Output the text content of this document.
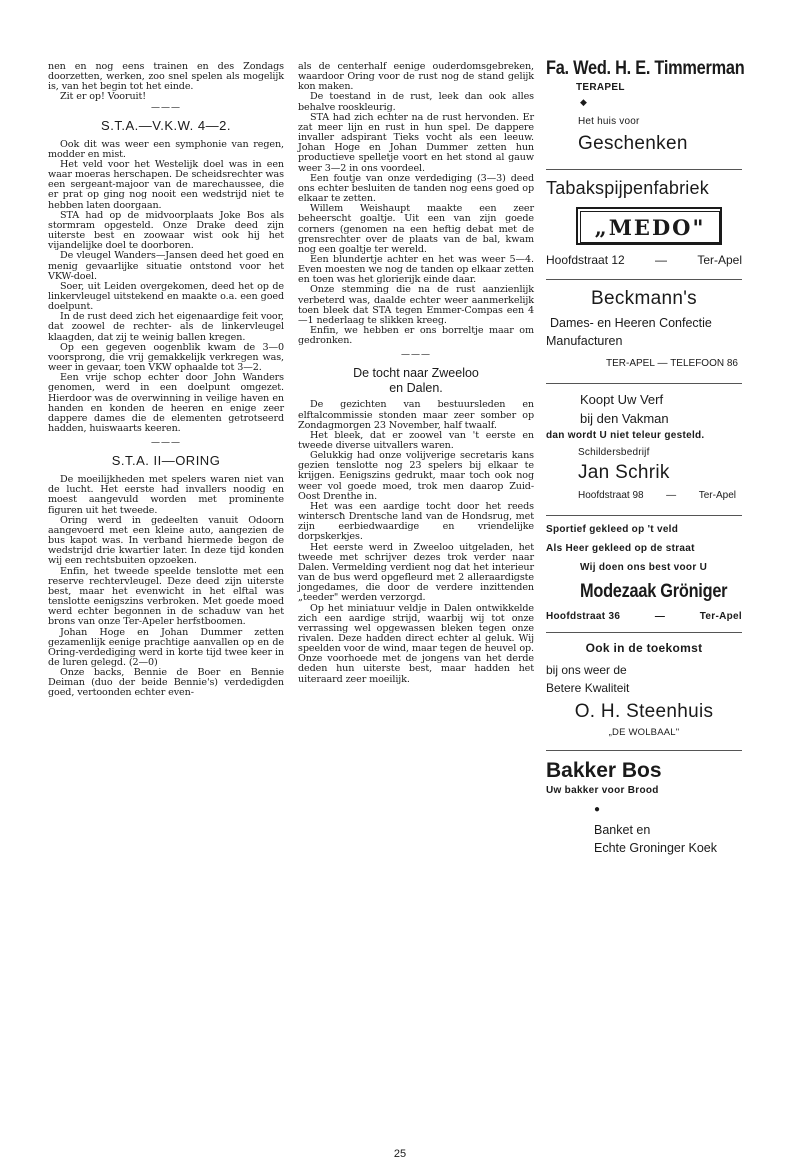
nen en nog eens trainen en des Zondags doorzetten, werken, zoo snel spelen als mogelijk is, van het begin tot het einde.

Zit er op! Vooruit!

———

S.T.A.—V.K.W. 4—2.

Ook dit was weer een symphonie van regen, modder en mist.

Het veld voor het Westelijk doel was in een waar moeras herschapen. De scheidsrechter was een sergeant-majoor van de marechaussee, die er prat op ging nog nooit een wedstrijd niet te hebben laten doorgaan.

STA had op de midvoorplaats Joke Bos als stormram opgesteld. Onze Drake deed zijn uiterste best en zoowaar wist ook hij het vijandelijke doel te doorboren.

De vleugel Wanders—Jansen deed het goed en menig gevaarlijke situatie ontstond voor het VKW-doel.

Soer, uit Leiden overgekomen, deed het op de linkervleugel uitstekend en maakte o.a. een goed doelpunt.

In de rust deed zich het eigenaardige feit voor, dat zoowel de rechter- als de linkervleugel klaagden, dat zij te weinig ballen kregen.

Op een gegeven oogenblik kwam de 3—0 voorsprong, die vrij gemakkelijk verkregen was, weer in gevaar, toen VKW ophaalde tot 3—2.

Een vrije schop echter door John Wanders genomen, werd in een doelpunt omgezet. Hierdoor was de overwinning in veilige haven en handen en konden de heeren en enige zeer dappere dames die de elementen getrotseerd hadden, huiswaarts keeren.

———

S.T.A. II—ORING

De moeilijkheden met spelers waren niet van de lucht. Het eerste had invallers noodig en moest aangevuld worden met prominente figuren uit het tweede.

Oring werd in gedeelten vanuit Odoorn aangevoerd met een kleine auto, aangezien de bus kapot was. In verband hiermede begon de wedstrijd drie kwartier later. In deze tijd konden wij een rechtsbuiten opzoeken.

Enfin, het tweede speelde tenslotte met een reserve rechtervleugel. Deze deed zijn uiterste best, maar het evenwicht in het elftal was tenslotte eenigszins verbroken. Met goede moed werd echter begonnen in de schaduw van het brons van onze Ter-Apeler herfstboomen.

Johan Hoge en Johan Dummer zetten gezamenlijk eenige prachtige aanvallen op en de Oring-verdediging werd in korte tijd twee keer in de luren gelegd. (2—0)

Onze backs, Bennie de Boer en Bennie Deiman (duo der beide Bennie's) verdedigden goed, vertoonden echter even-

als de centerhalf eenige ouderdomsgebreken, waardoor Oring voor de rust nog de stand gelijk kon maken.

De toestand in de rust, leek dan ook alles behalve rooskleurig.

STA had zich echter na de rust hervonden. Er zat meer lijn en rust in hun spel. De dappere invaller adspirant Tieks vocht als een leeuw. Johan Hoge en Johan Dummer zetten hun productieve spelletje voort en het stond al gauw weer 3—2 in ons voordeel.

Een foutje van onze verdediging (3—3) deed ons echter besluiten de tanden nog eens goed op elkaar te zetten.

Willem Weishaupt maakte een zeer beheerscht goaltje. Uit een van zijn goede corners (genomen na een heftig debat met de grensrechter over de plaats van de bal, kwam nog een goaltje ter wereld.

Een blundertje achter en het was weer 5—4. Even moesten we nog de tanden op elkaar zetten en toen was het glorierijk einde daar.

Onze stemming die na de rust aanzienlijk verbeterd was, daalde echter weer aanmerkelijk toen bleek dat STA tegen Emmer-Compas een 4—1 nederlaag te slikken kreeg.

Enfin, we hebben er ons borreltje maar om gedronken.

———

De tocht naar Zweeloo
en Dalen.

De gezichten van bestuursleden en elftalcommissie stonden maar zeer somber op Zondagmorgen 23 November, half twaalf.

Het bleek, dat er zoowel van 't eerste en tweede diverse uitvallers waren.

Gelukkig had onze volijverige secretaris kans gezien tenslotte nog 23 spelers bij elkaar te krijgen. Eenigszins gedrukt, maar toch ook nog weer vol goede moed, trok men daarop Zuid-Oost Drenthe in.

Het was een aardige tocht door het reeds winterscħ Drentsche land van de Hondsrug, met zijn eerbiedwaardige en vriendelijke dorpskerkjes.

Het eerste werd in Zweeloo uitgeladen, het tweede met schrijver dezes trok verder naar Dalen. Vermelding verdient nog dat het interieur van de bus werd opgefleurd met 2 alleraardigste jongedames, die door de verdere inzittenden „teeder" werden verzorgd.

Op het miniatuur veldje in Dalen ontwikkelde zich een aardige strijd, waarbij wij tot onze verrassing wel opgewassen bleken tegen onze rivalen. Deze hadden direct echter al geluk. Wij speelden voor de wind, maar tegen de heuvel op. Onze voorhoede met de jongens van het derde deden hun uiterste best, maar hadden het uiteraard zeer moeilijk.

Fa. Wed. H. E. Timmerman
TERAPEL
◆
Het huis voor
Geschenken
Tabakspijpenfabriek
„MEDO"
Hoofdstraat 12	—	Ter-Apel
Beckmann's
Dames- en Heeren Confectie
Manufacturen
TER-APEL — TELEFOON 86
Koopt Uw Verf
bij den Vakman
dan wordt U niet teleur gesteld.
Schildersbedrijf
Jan Schrik
Hoofdstraat 98 — Ter-Apel
Sportief gekleed op 't veld
Als Heer gekleed op de straat
Wij doen ons best voor U
Modezaak Gröniger
Hoofdstraat 36	—	Ter-Apel
Ook in de toekomst
bij ons weer de
Betere Kwaliteit
O. H. Steenhuis
„DE WOLBAAL"
Bakker Bos
Uw bakker voor Brood
●
Banket en
Echte Groninger Koek
25
